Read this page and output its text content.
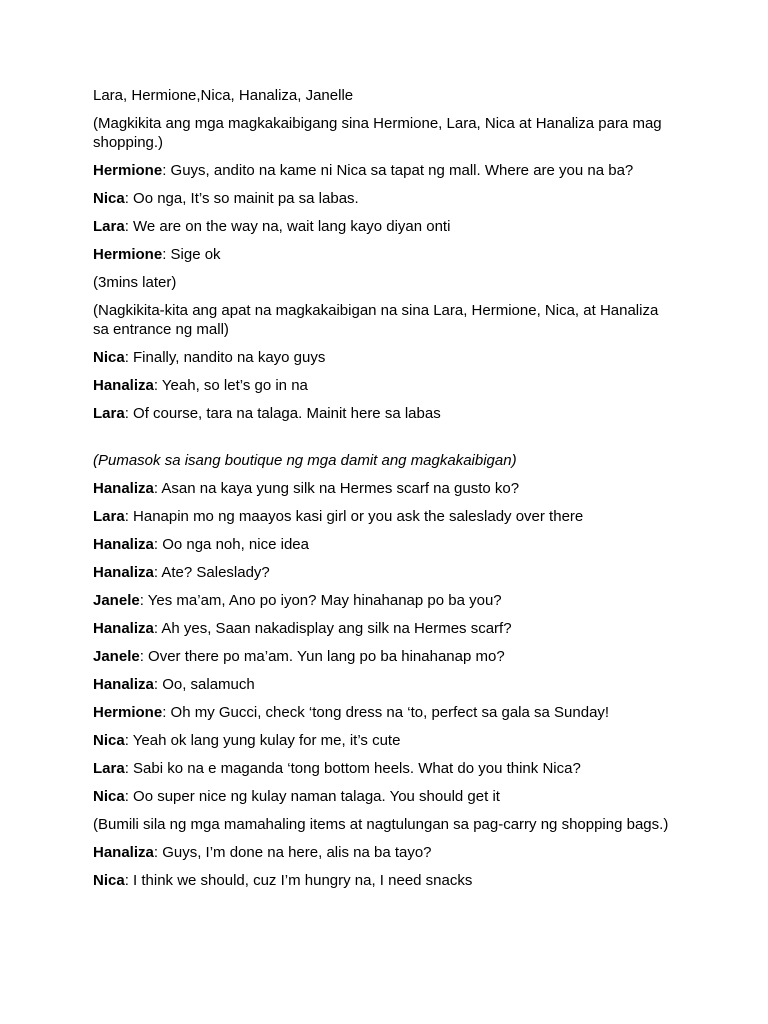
Lara, Hermione,Nica, Hanaliza, Janelle

(Magkikita ang mga magkakaibigang sina Hermione, Lara, Nica at Hanaliza para mag shopping.)

Hermione: Guys, andito na kame ni Nica sa tapat ng mall. Where are you na ba?

Nica: Oo nga, It’s so mainit pa sa labas.

Lara: We are on the way na, wait lang kayo diyan onti

Hermione: Sige ok

(3mins later)

(Nagkikita-kita ang apat na magkakaibigan na sina Lara, Hermione, Nica, at Hanaliza sa entrance ng mall)

Nica: Finally, nandito na kayo guys

Hanaliza: Yeah, so let’s go in na

Lara: Of course, tara na talaga. Mainit here sa labas

(Pumasok sa isang boutique ng mga damit ang magkakaibigan)

Hanaliza: Asan na kaya yung silk na Hermes scarf na gusto ko?

Lara: Hanapin mo ng maayos kasi girl or you ask the saleslady over there

Hanaliza: Oo nga noh, nice idea

Hanaliza: Ate? Saleslady?

Janele: Yes ma’am, Ano po iyon? May hinahanap po ba you?

Hanaliza: Ah yes, Saan nakadisplay ang silk na Hermes scarf?

Janele: Over there po ma’am. Yun lang po ba hinahanap mo?

Hanaliza: Oo, salamuch

Hermione: Oh my Gucci, check ‘tong dress na ‘to, perfect sa gala sa Sunday!

Nica: Yeah ok lang yung kulay for me, it’s cute

Lara: Sabi ko na e maganda ‘tong bottom heels. What do you think Nica?

Nica: Oo super nice ng kulay naman talaga. You should get it

(Bumili sila ng mga mamahaling items at nagtulungan sa pag-carry ng shopping bags.)

Hanaliza: Guys, I’m done na here, alis na ba tayo?

Nica: I think we should, cuz I’m hungry na, I need snacks
